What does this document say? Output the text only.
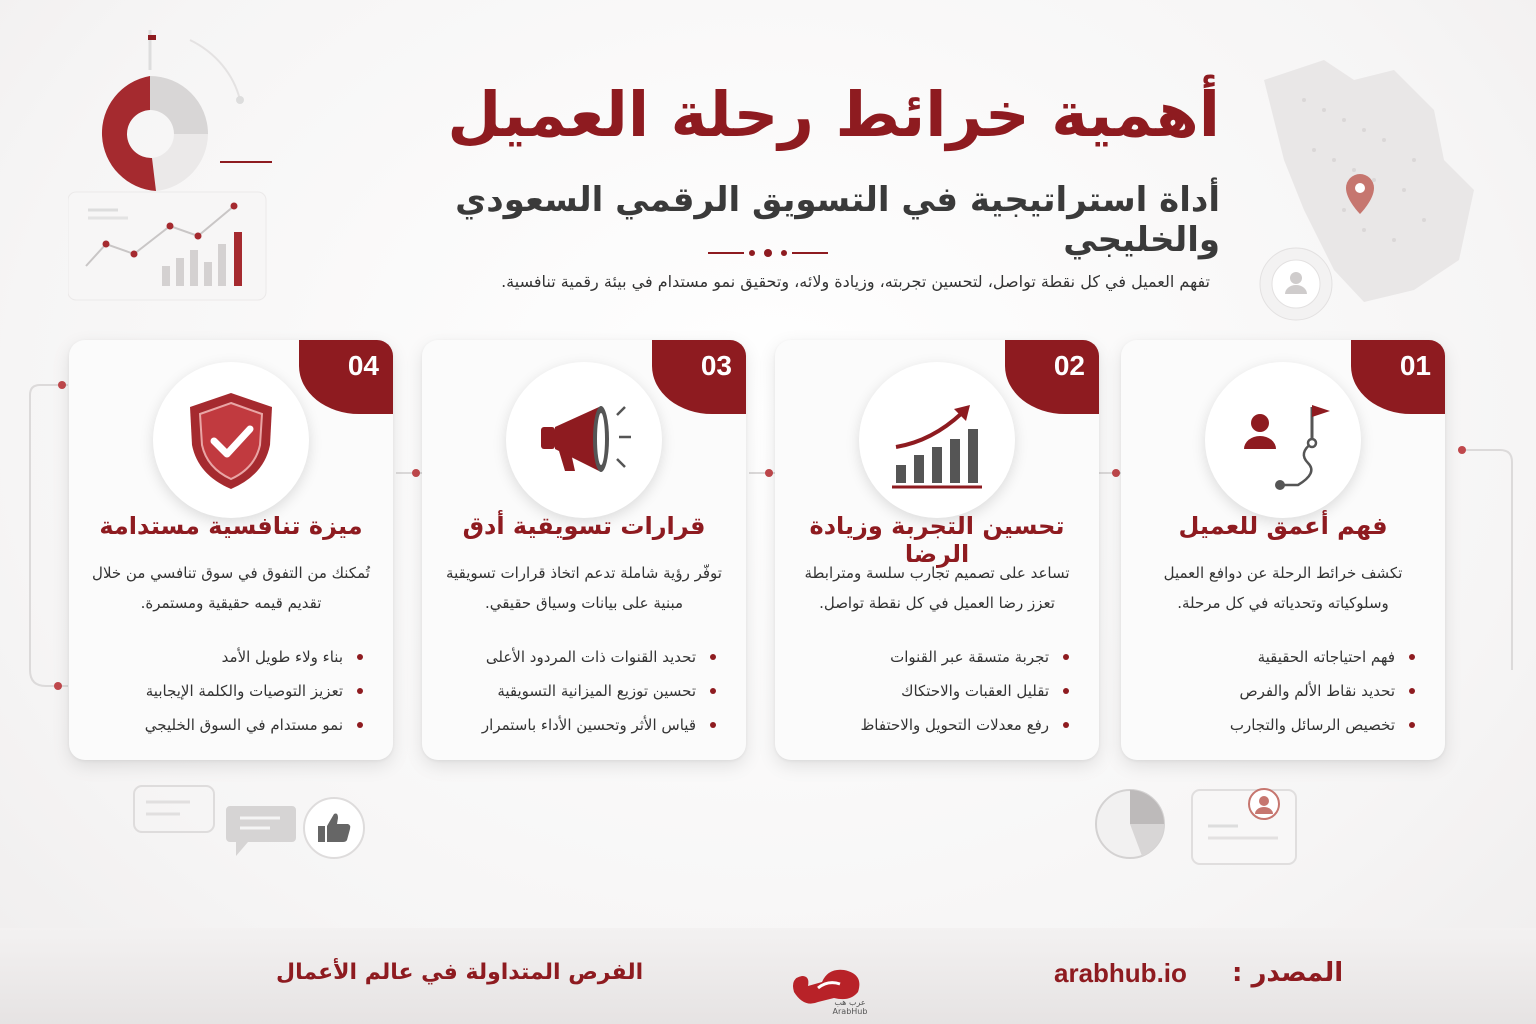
أهمية خرائط رحلة العميل
أداة استراتيجية في التسويق الرقمي السعودي والخليجي
تفهم العميل في كل نقطة تواصل، لتحسين تجربته، وزيادة ولائه، وتحقيق نمو مستدام في بيئة رقمية تنافسية.
01
فهم أعمق للعميل
تكشف خرائط الرحلة عن دوافع العميل وسلوكياته وتحدياته في كل مرحلة.
فهم احتياجاته الحقيقية
تحديد نقاط الألم والفرص
تخصيص الرسائل والتجارب
02
تحسين التجربة وزيادة الرضا
تساعد على تصميم تجارب سلسة ومترابطة تعزز رضا العميل في كل نقطة تواصل.
تجربة متسقة عبر القنوات
تقليل العقبات والاحتكاك
رفع معدلات التحويل والاحتفاظ
03
قرارات تسويقية أدق
توفّر رؤية شاملة تدعم اتخاذ قرارات تسويقية مبنية على بيانات وسياق حقيقي.
تحديد القنوات ذات المردود الأعلى
تحسين توزيع الميزانية التسويقية
قياس الأثر وتحسين الأداء باستمرار
04
ميزة تنافسية مستدامة
تُمكنك من التفوق في سوق تنافسي من خلال تقديم قيمه حقيقية ومستمرة.
بناء ولاء طويل الأمد
تعزيز التوصيات والكلمة الإيجابية
نمو مستدام في السوق الخليجي
الفرص المتداولة في عالم الأعمال
عرب هب
ArabHub
arabhub.io المصدر :
